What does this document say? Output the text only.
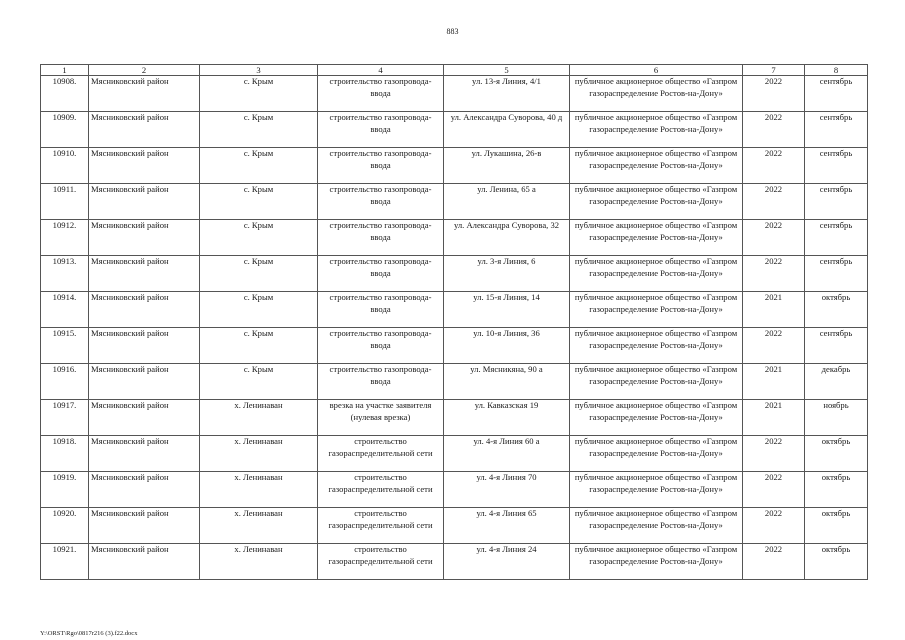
883
1	2	3	4	5	6	7	8
10908.	Мясниковский район	с. Крым	строительство газопровода-ввода	ул. 13-я Линия, 4/1	публичное акционерное общество «Газпром газораспределение Ростов-на-Дону»	2022	сентябрь
10909.	Мясниковский район	с. Крым	строительство газопровода-ввода	ул. Александра Суворова, 40 д	публичное акционерное общество «Газпром газораспределение Ростов-на-Дону»	2022	сентябрь
10910.	Мясниковский район	с. Крым	строительство газопровода-ввода	ул. Лукашина, 26-в	публичное акционерное общество «Газпром газораспределение Ростов-на-Дону»	2022	сентябрь
10911.	Мясниковский район	с. Крым	строительство газопровода-ввода	ул. Ленина, 65 а	публичное акционерное общество «Газпром газораспределение Ростов-на-Дону»	2022	сентябрь
10912.	Мясниковский район	с. Крым	строительство газопровода-ввода	ул. Александра Суворова, 32	публичное акционерное общество «Газпром газораспределение Ростов-на-Дону»	2022	сентябрь
10913.	Мясниковский район	с. Крым	строительство газопровода-ввода	ул. 3-я Линия, 6	публичное акционерное общество «Газпром газораспределение Ростов-на-Дону»	2022	сентябрь
10914.	Мясниковский район	с. Крым	строительство газопровода-ввода	ул. 15-я Линия, 14	публичное акционерное общество «Газпром газораспределение Ростов-на-Дону»	2021	октябрь
10915.	Мясниковский район	с. Крым	строительство газопровода-ввода	ул. 10-я Линия, 36	публичное акционерное общество «Газпром газораспределение Ростов-на-Дону»	2022	сентябрь
10916.	Мясниковский район	с. Крым	строительство газопровода-ввода	ул. Мясникяна, 90 а	публичное акционерное общество «Газпром газораспределение Ростов-на-Дону»	2021	декабрь
10917.	Мясниковский район	х. Ленинаван	врезка на участке заявителя (нулевая врезка)	ул. Кавказская 19	публичное акционерное общество «Газпром газораспределение Ростов-на-Дону»	2021	ноябрь
10918.	Мясниковский район	х. Ленинаван	строительство газораспределительной сети	ул. 4-я Линия 60 а	публичное акционерное общество «Газпром газораспределение Ростов-на-Дону»	2022	октябрь
10919.	Мясниковский район	х. Ленинаван	строительство газораспределительной сети	ул. 4-я Линия 70	публичное акционерное общество «Газпром газораспределение Ростов-на-Дону»	2022	октябрь
10920.	Мясниковский район	х. Ленинаван	строительство газораспределительной сети	ул. 4-я Линия 65	публичное акционерное общество «Газпром газораспределение Ростов-на-Дону»	2022	октябрь
10921.	Мясниковский район	х. Ленинаван	строительство газораспределительной сети	ул. 4-я Линия 24	публичное акционерное общество «Газпром газораспределение Ростов-на-Дону»	2022	октябрь
Y:\ORST\Rgo\0817r216 (3).f22.docx
